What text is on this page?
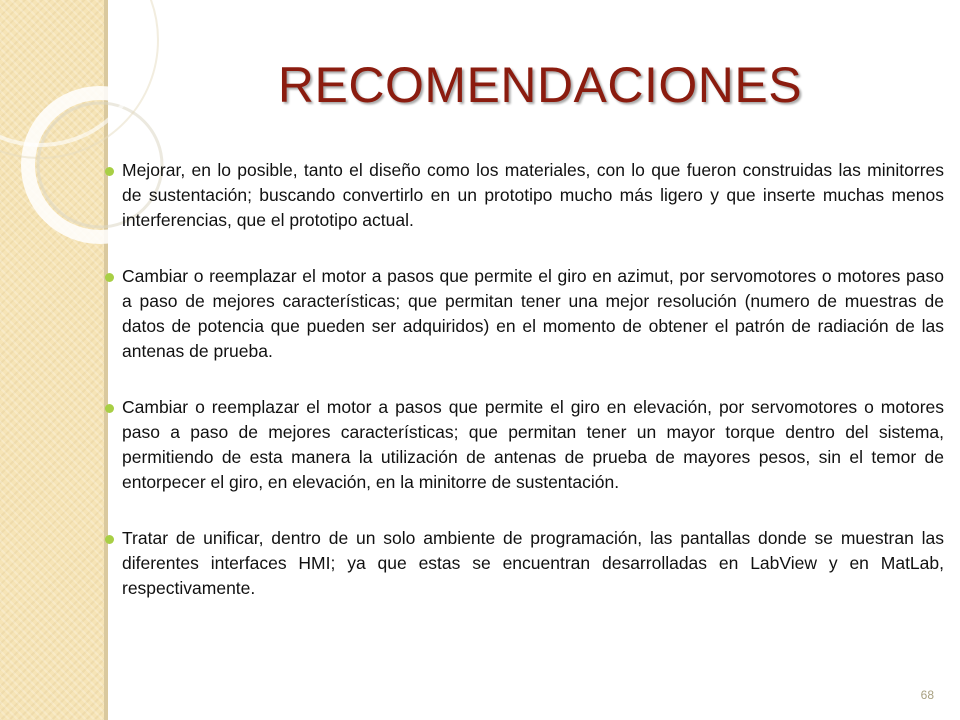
RECOMENDACIONES
Mejorar, en lo posible, tanto el diseño como los materiales, con lo que fueron construidas las minitorres de sustentación; buscando convertirlo en un prototipo mucho más ligero y que inserte muchas menos interferencias, que el prototipo actual.
Cambiar o reemplazar el motor a pasos que permite el giro en azimut, por servomotores o motores paso a paso de mejores características; que permitan tener una mejor resolución (numero de muestras de datos de potencia que pueden ser adquiridos) en el momento de obtener el patrón de radiación de las antenas de prueba.
Cambiar o reemplazar el motor a pasos que permite el giro en elevación, por servomotores o motores paso a paso de mejores características; que permitan tener un mayor torque dentro del sistema, permitiendo de esta manera la utilización de antenas de prueba de mayores pesos, sin el temor de entorpecer el giro, en elevación, en la minitorre de sustentación.
Tratar de unificar, dentro de un solo ambiente de programación, las pantallas donde se muestran las diferentes interfaces HMI; ya que estas se encuentran desarrolladas en LabView y en MatLab, respectivamente.
68
